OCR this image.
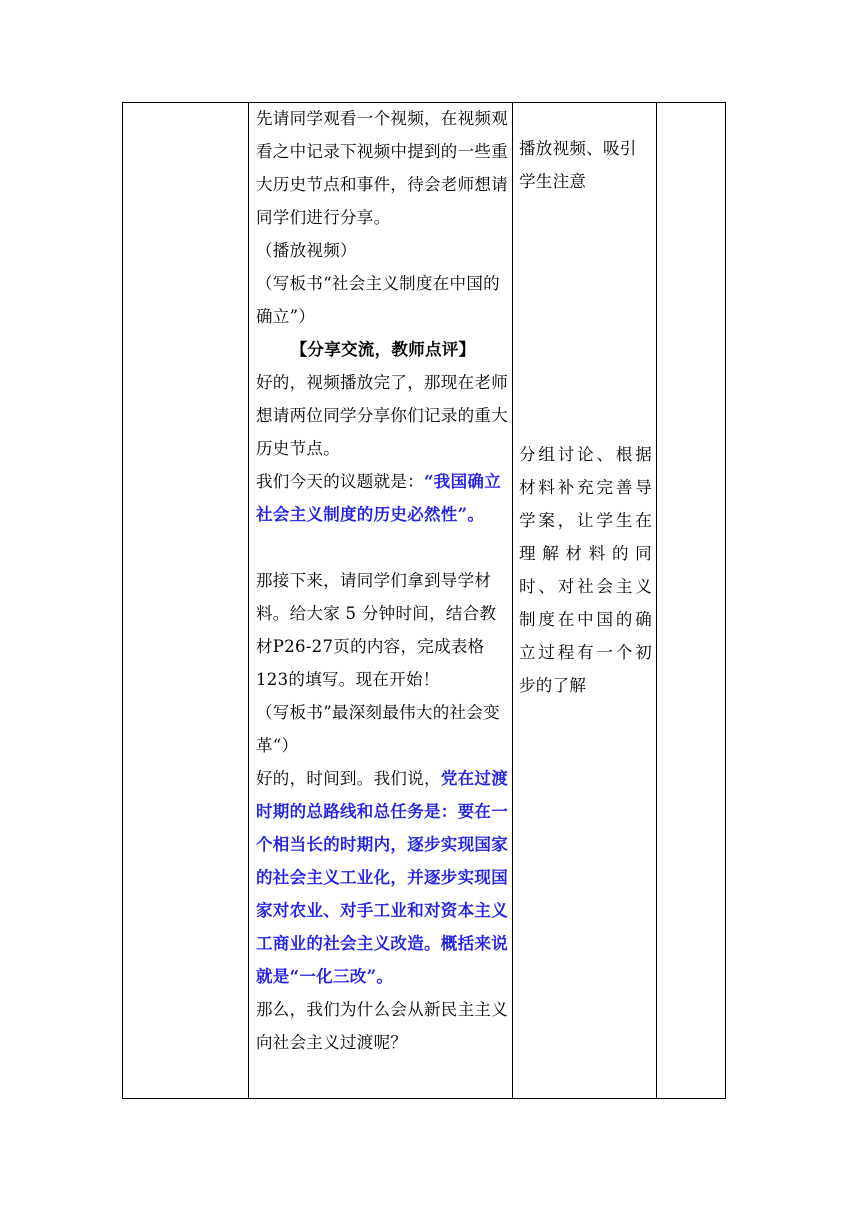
先请同学观看一个视频，在视频观看之中记录下视频中提到的一些重大历史节点和事件，待会老师想请同学们进行分享。

（播放视频）

（写板书“社会主义制度在中国的确立”）

【分享交流，教师点评】

好的，视频播放完了，那现在老师想请两位同学分享你们记录的重大历史节点。

我们今天的议题就是：“我国确立社会主义制度的历史必然性”。

那接下来，请同学们拿到导学材料。给大家 5 分钟时间，结合教材P26-27页的内容，完成表格123的填写。现在开始！

（写板书”最深刻最伟大的社会变革“）

好的，时间到。我们说，党在过渡时期的总路线和总任务是：要在一个相当长的时期内，逐步实现国家的社会主义工业化，并逐步实现国家对农业、对手工业和对资本主义工商业的社会主义改造。概括来说就是“一化三改”。

那么，我们为什么会从新民主主义向社会主义过渡呢？

播放视频、吸引

学生注意

分组讨论、根据

材料补充完善导

学案，让学生在

理解材料的同

时、对社会主义

制度在中国的确

立过程有一个初

步的了解
